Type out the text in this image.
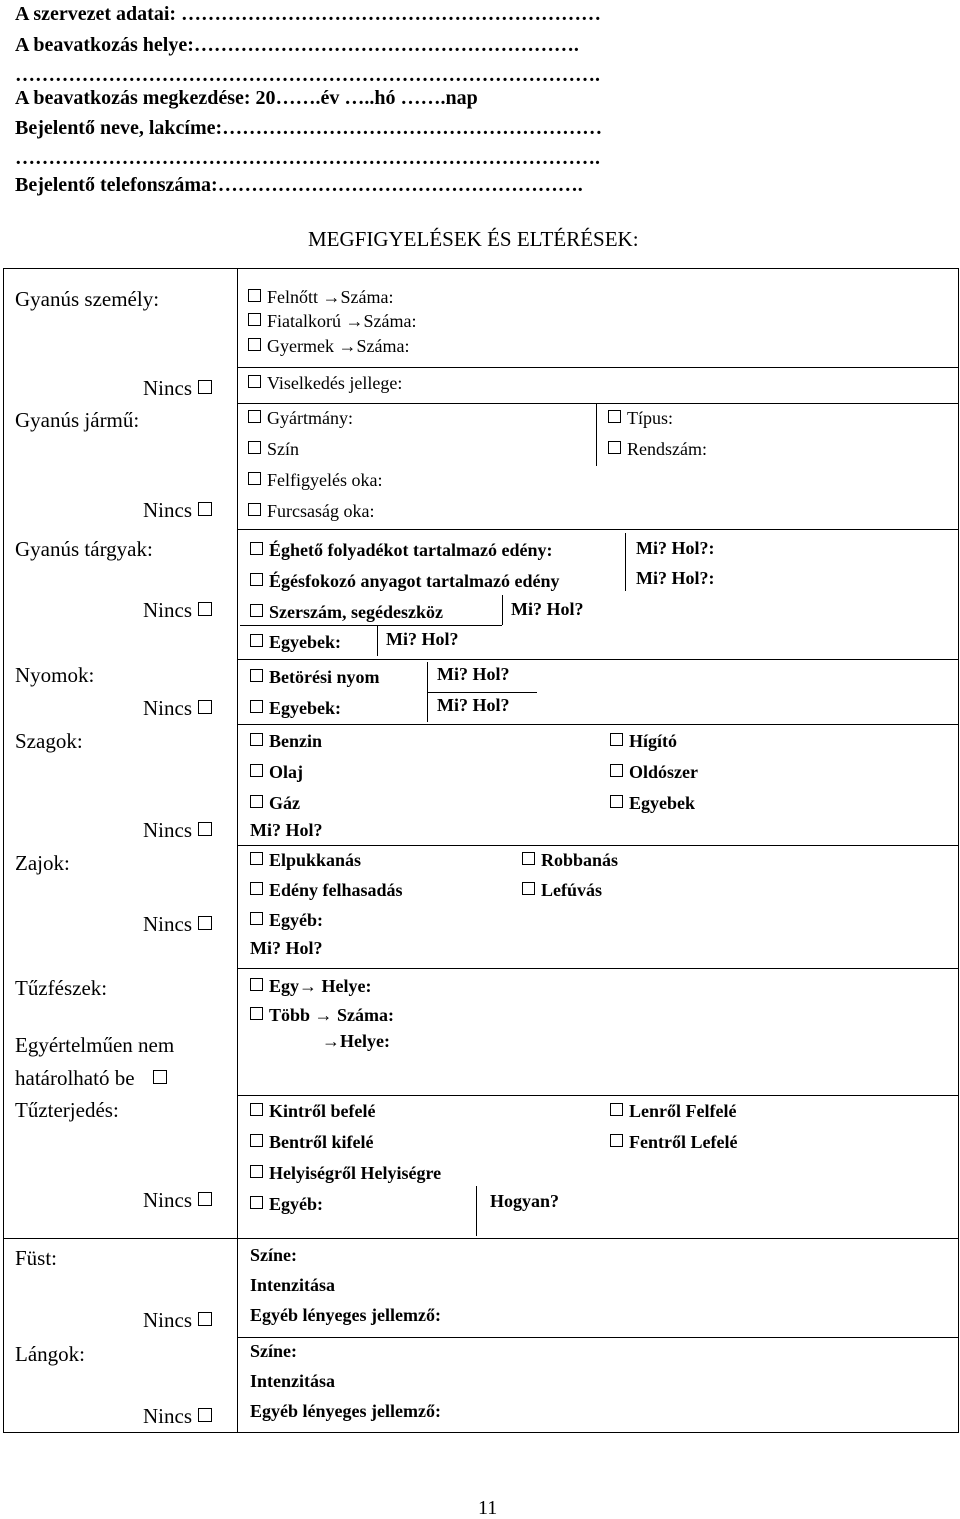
A szervezet adatai: ………………………………………………………
A beavatkozás helye:………………………………………………….
…………………………………………………………………………….
A beavatkozás megkezdése: 20…….év …..hó …….nap
Bejelentő neve, lakcíme:…………………………………………………
…………………………………………………………………………….
Bejelentő telefonszáma:……………………………………………….
MEGFIGYELÉSEK ÉS ELTÉRÉSEK:
Gyanús személy:	Felnőtt →Száma:
Fiatalkorú →Száma:
Gyermek →Száma:
Nincs	Viselkedés jellege:
Gyanús jármű:	Gyártmány:	Típus:
Szín	Rendszám:
Felfigyelés oka:
Nincs	Furcsaság oka:
Gyanús tárgyak:	Éghető folyadékot tartalmazó edény:	Mi? Hol?:
Égésfokozó anyagot tartalmazó edény	Mi? Hol?:
Nincs	Szerszám, segédeszköz	Mi? Hol?
Egyebek:	Mi? Hol?
Nyomok:	Betörési nyom	Mi? Hol?
Nincs	Egyebek:	Mi? Hol?
Szagok:	Benzin	Hígító
Olaj	Oldószer
Gáz	Egyebek
Nincs	Mi? Hol?
Zajok:	Elpukkanás	Robbanás
Edény felhasadás	Lefúvás
Nincs	Egyéb:
Mi? Hol?
Tűzfészek:	Egy→ Helye:
Több → Száma:
→Helye:
Egyértelműen nem
határolható be
Tűzterjedés:	Kintről befelé	Lenről Felfelé
Bentről kifelé	Fentről Lefelé
Helyiségről Helyiségre
Nincs	Egyéb:	Hogyan?
Füst:	Színe:
Intenzitása
Nincs	Egyéb lényeges jellemző:
Lángok:	Színe:
Intenzitása
Nincs	Egyéb lényeges jellemző:
11
